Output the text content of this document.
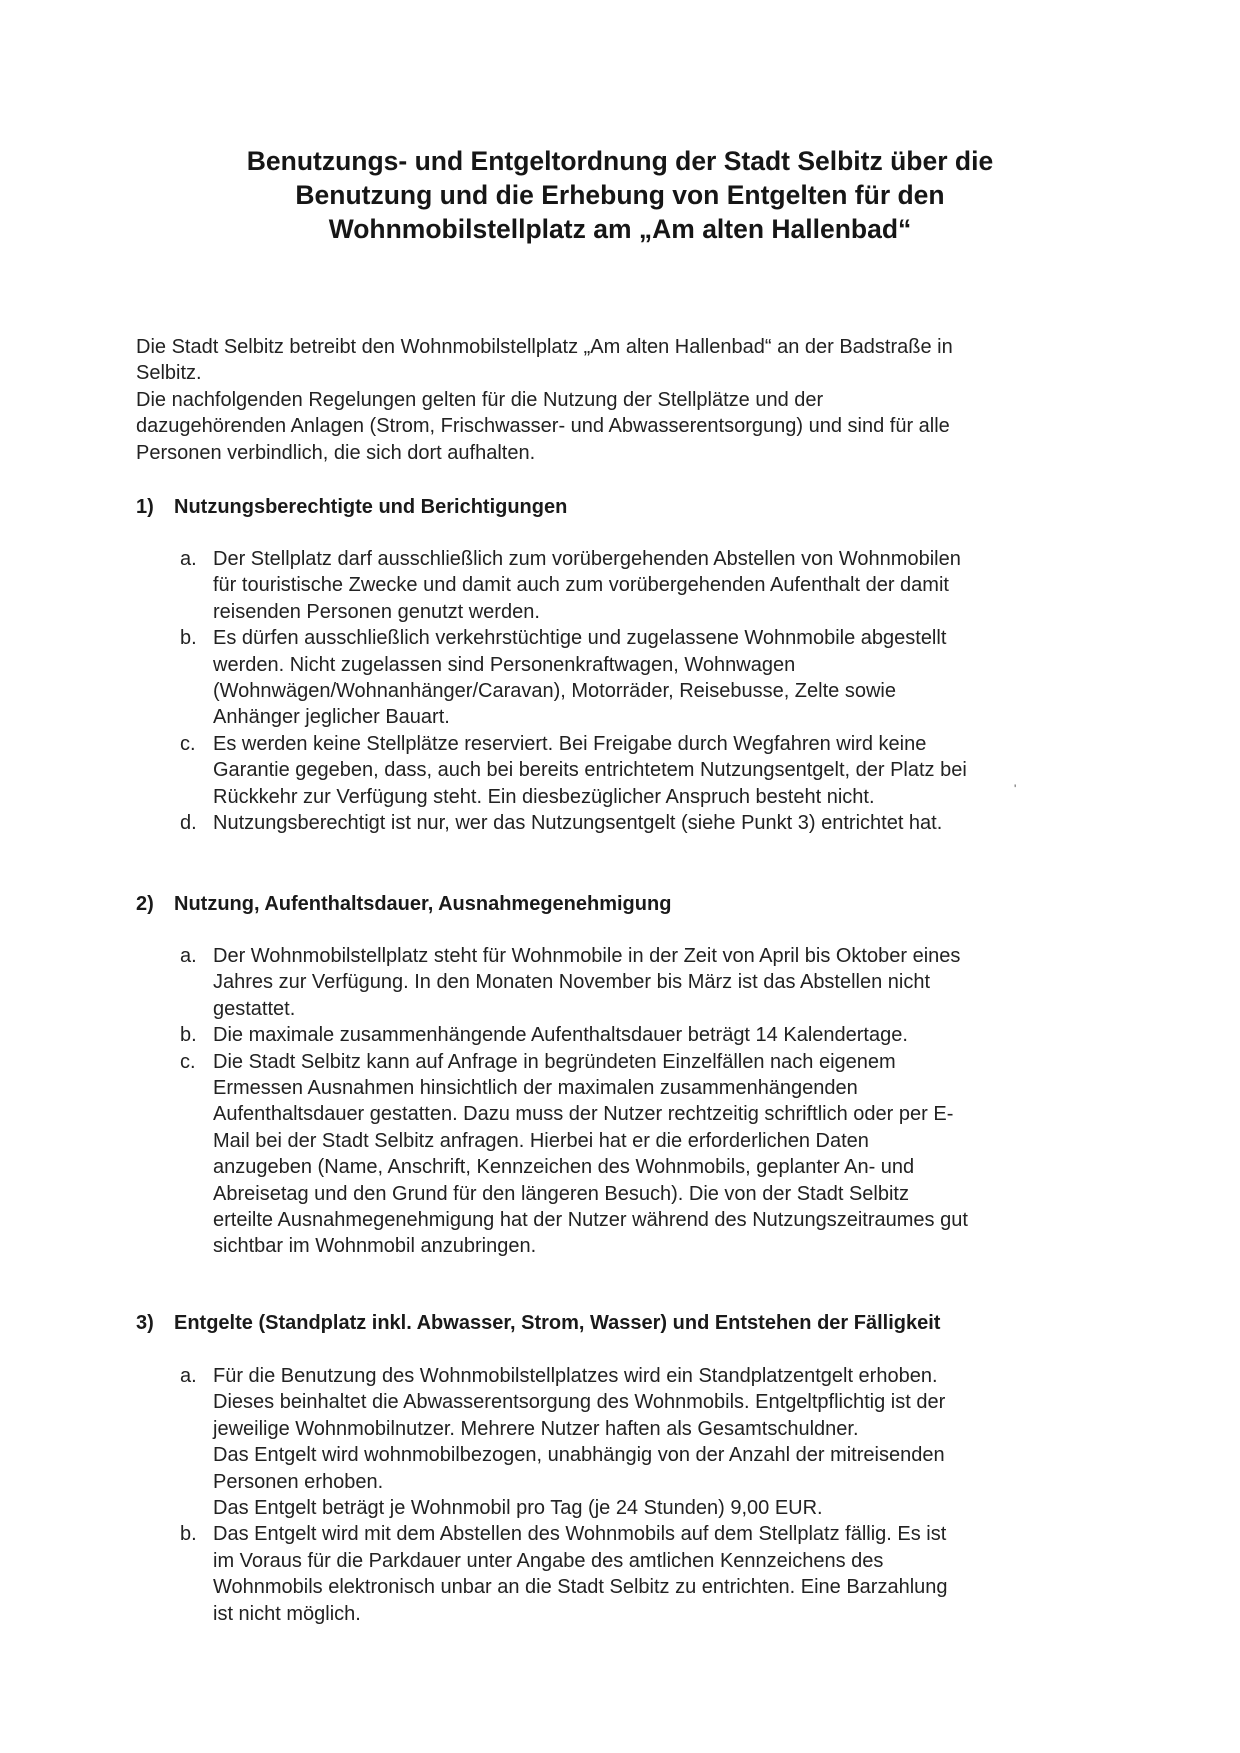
Benutzungs- und Entgeltordnung der Stadt Selbitz über die
Benutzung und die Erhebung von Entgelten für den
Wohnmobilstellplatz am „Am alten Hallenbad“
Die Stadt Selbitz betreibt den Wohnmobilstellplatz „Am alten Hallenbad“ an der Badstraße in
Selbitz.
Die nachfolgenden Regelungen gelten für die Nutzung der Stellplätze und der
dazugehörenden Anlagen (Strom, Frischwasser- und Abwasserentsorgung) und sind für alle
Personen verbindlich, die sich dort aufhalten.
1) Nutzungsberechtigte und Berichtigungen
a. Der Stellplatz darf ausschließlich zum vorübergehenden Abstellen von Wohnmobilen
für touristische Zwecke und damit auch zum vorübergehenden Aufenthalt der damit
reisenden Personen genutzt werden.
b. Es dürfen ausschließlich verkehrstüchtige und zugelassene Wohnmobile abgestellt
werden. Nicht zugelassen sind Personenkraftwagen, Wohnwagen
(Wohnwägen/Wohnanhänger/Caravan), Motorräder, Reisebusse, Zelte sowie
Anhänger jeglicher Bauart.
c. Es werden keine Stellplätze reserviert. Bei Freigabe durch Wegfahren wird keine
Garantie gegeben, dass, auch bei bereits entrichtetem Nutzungsentgelt, der Platz bei
Rückkehr zur Verfügung steht. Ein diesbezüglicher Anspruch besteht nicht.
d. Nutzungsberechtigt ist nur, wer das Nutzungsentgelt (siehe Punkt 3) entrichtet hat.
'
2) Nutzung, Aufenthaltsdauer, Ausnahmegenehmigung
a. Der Wohnmobilstellplatz steht für Wohnmobile in der Zeit von April bis Oktober eines
Jahres zur Verfügung. In den Monaten November bis März ist das Abstellen nicht
gestattet.
b. Die maximale zusammenhängende Aufenthaltsdauer beträgt 14 Kalendertage.
c. Die Stadt Selbitz kann auf Anfrage in begründeten Einzelfällen nach eigenem
Ermessen Ausnahmen hinsichtlich der maximalen zusammenhängenden
Aufenthaltsdauer gestatten. Dazu muss der Nutzer rechtzeitig schriftlich oder per E-
Mail bei der Stadt Selbitz anfragen. Hierbei hat er die erforderlichen Daten
anzugeben (Name, Anschrift, Kennzeichen des Wohnmobils, geplanter An- und
Abreisetag und den Grund für den längeren Besuch). Die von der Stadt Selbitz
erteilte Ausnahmegenehmigung hat der Nutzer während des Nutzungszeitraumes gut
sichtbar im Wohnmobil anzubringen.
3) Entgelte (Standplatz inkl. Abwasser, Strom, Wasser) und Entstehen der Fälligkeit
a. Für die Benutzung des Wohnmobilstellplatzes wird ein Standplatzentgelt erhoben.
Dieses beinhaltet die Abwasserentsorgung des Wohnmobils. Entgeltpflichtig ist der
jeweilige Wohnmobilnutzer. Mehrere Nutzer haften als Gesamtschuldner.
Das Entgelt wird wohnmobilbezogen, unabhängig von der Anzahl der mitreisenden
Personen erhoben.
Das Entgelt beträgt je Wohnmobil pro Tag (je 24 Stunden) 9,00 EUR.
b. Das Entgelt wird mit dem Abstellen des Wohnmobils auf dem Stellplatz fällig. Es ist
im Voraus für die Parkdauer unter Angabe des amtlichen Kennzeichens des
Wohnmobils elektronisch unbar an die Stadt Selbitz zu entrichten. Eine Barzahlung
ist nicht möglich.
